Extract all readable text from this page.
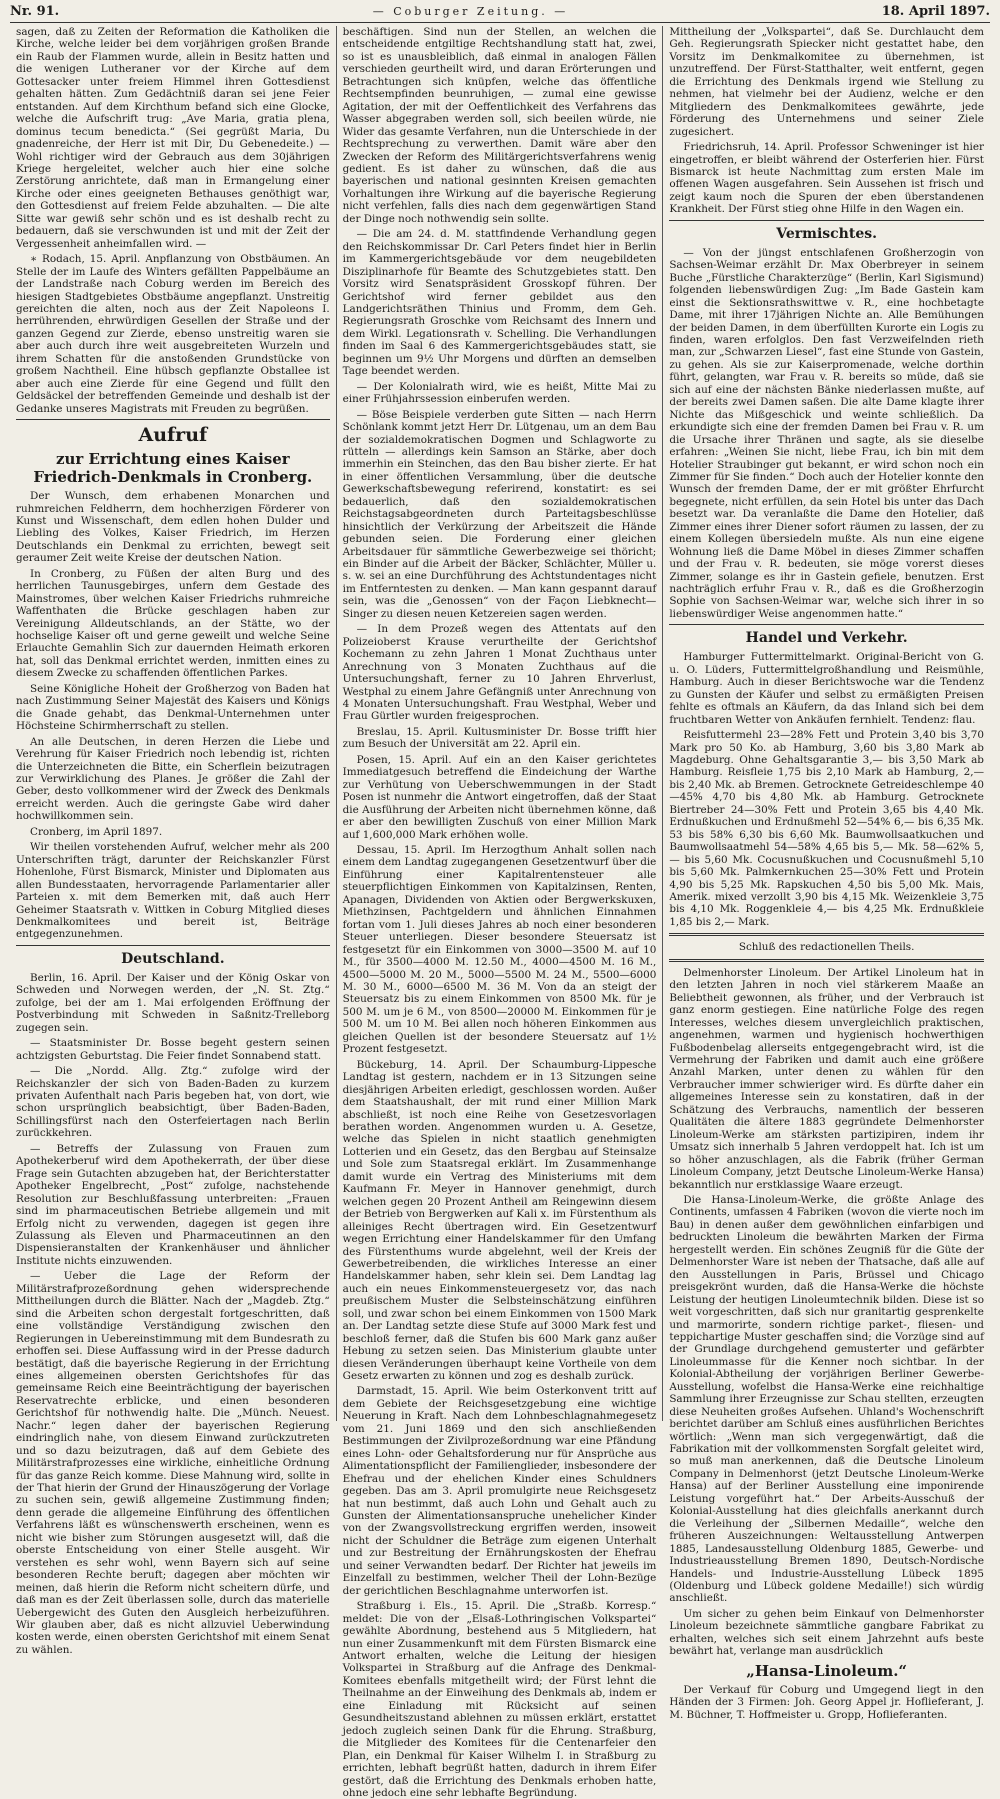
Nr. 91.	— Coburger Zeitung. —	18. April 1897.

sagen, daß zu Zeiten der Reformation die Katholiken die Kirche, welche leider bei dem vorjährigen großen Brande ein Raub der Flammen wurde, allein in Besitz hatten und die wenigen Lutheraner vor der Kirche auf dem Gottesacker unter freiem Himmel ihren Gottesdienst gehalten hätten. Zum Gedächtniß daran sei jene Feier entstanden. Auf dem Kirchthum befand sich eine Glocke, welche die Aufschrift trug: „Ave Maria, gratia plena, dominus tecum benedicta.“ (Sei gegrüßt Maria, Du gnadenreiche, der Herr ist mit Dir, Du Gebenedeite.) — Wohl richtiger wird der Gebrauch aus dem 30jährigen Kriege hergeleitet, welcher auch hier eine solche Zerstörung anrichtete, daß man in Ermangelung einer Kirche oder eines geeigneten Bethauses genöthigt war, den Gottesdienst auf freiem Felde abzuhalten. — Die alte Sitte war gewiß sehr schön und es ist deshalb recht zu bedauern, daß sie verschwunden ist und mit der Zeit der Vergessenheit anheimfallen wird. —

∗ Rodach, 15. April. Anpflanzung von Obstbäumen. An Stelle der im Laufe des Winters gefällten Pappelbäume an der Landstraße nach Coburg werden im Bereich des hiesigen Stadtgebietes Obstbäume angepflanzt. Unstreitig gereichten die alten, noch aus der Zeit Napoleons I. herrührenden, ehrwürdigen Gesellen der Straße und der ganzen Gegend zur Zierde, ebenso unstreitig waren sie aber auch durch ihre weit ausgebreiteten Wurzeln und ihrem Schatten für die anstoßenden Grundstücke von großem Nachtheil. Eine hübsch gepflanzte Obstallee ist aber auch eine Zierde für eine Gegend und füllt den Geldsäckel der betreffenden Gemeinde und deshalb ist der Gedanke unseres Magistrats mit Freuden zu begrüßen.

Aufruf
zur Errichtung eines Kaiser Friedrich-Denkmals in Cronberg.

Der Wunsch, dem erhabenen Monarchen und ruhmreichen Feldherrn, dem hochherzigen Förderer von Kunst und Wissenschaft, dem edlen hohen Dulder und Liebling des Volkes, Kaiser Friedrich, im Herzen Deutschlands ein Denkmal zu errichten, bewegt seit geraumer Zeit weite Kreise der deutschen Nation.

In Cronberg, zu Füßen der alten Burg und des herrlichen Taunusgebirges, unfern dem Gestade des Mainstromes, über welchen Kaiser Friedrichs ruhmreiche Waffenthaten die Brücke geschlagen haben zur Vereinigung Alldeutschlands, an der Stätte, wo der hochselige Kaiser oft und gerne geweilt und welche Seine Erlauchte Gemahlin Sich zur dauernden Heimath erkoren hat, soll das Denkmal errichtet werden, inmitten eines zu diesem Zwecke zu schaffenden öffentlichen Parkes.

Seine Königliche Hoheit der Großherzog von Baden hat nach Zustimmung Seiner Majestät des Kaisers und Königs die Gnade gehabt, das Denkmal-Unternehmen unter Höchsteine Schirmherrschaft zu stellen.

An alle Deutschen, in deren Herzen die Liebe und Verehrung für Kaiser Friedrich noch lebendig ist, richten die Unterzeichneten die Bitte, ein Scherflein beizutragen zur Verwirklichung des Planes. Je größer die Zahl der Geber, desto vollkommener wird der Zweck des Denkmals erreicht werden. Auch die geringste Gabe wird daher hochwillkommen sein.

Cronberg, im April 1897.

Wir theilen vorstehenden Aufruf, welcher mehr als 200 Unterschriften trägt, darunter der Reichskanzler Fürst Hohenlohe, Fürst Bismarck, Minister und Diplomaten aus allen Bundesstaaten, hervorragende Parlamentarier aller Parteien x. mit dem Bemerken mit, daß auch Herr Geheimer Staatsrath v. Wittken in Coburg Mitglied dieses Denkmalkomitees und bereit ist, Beiträge entgegenzunehmen.

Deutschland.

Berlin, 16. April. Der Kaiser und der König Oskar von Schweden und Norwegen werden, der „N. St. Ztg.“ zufolge, bei der am 1. Mai erfolgenden Eröffnung der Postverbindung mit Schweden in Saßnitz-Trelleborg zugegen sein.

— Staatsminister Dr. Bosse begeht gestern seinen achtzigsten Geburtstag. Die Feier findet Sonnabend statt.

— Die „Nordd. Allg. Ztg.“ zufolge wird der Reichskanzler der sich von Baden-Baden zu kurzem privaten Aufenthalt nach Paris begeben hat, von dort, wie schon ursprünglich beabsichtigt, über Baden-Baden, Schillingsfürst nach den Osterfeiertagen nach Berlin zurückkehren.

— Betreffs der Zulassung von Frauen zum Apothekerberuf wird dem Apothekerrath, der über diese Frage sein Gutachten abzugeben hat, der Berichterstatter Apotheker Engelbrecht, „Post“ zufolge, nachstehende Resolution zur Beschlußfassung unterbreiten: „Frauen sind im pharmaceutischen Betriebe allgemein und mit Erfolg nicht zu verwenden, dagegen ist gegen ihre Zulassung als Eleven und Pharmaceutinnen an den Dispensieranstalten der Krankenhäuser und ähnlicher Institute nichts einzuwenden.

— Ueber die Lage der Reform der Militärstrafprozeßordnung gehen widersprechende Mittheilungen durch die Blätter. Nach der „Magdeb. Ztg.“ sind die Arbeiten schon dergestalt fortgeschritten, daß eine vollständige Verständigung zwischen den Regierungen in Uebereinstimmung mit dem Bundesrath zu erhoffen sei. Diese Auffassung wird in der Presse dadurch bestätigt, daß die bayerische Regierung in der Errichtung eines allgemeinen obersten Gerichtshofes für das gemeinsame Reich eine Beeinträchtigung der bayerischen Reservatrechte erblicke, und einen besonderen Gerichtshof für nothwendig halte. Die „Münch. Neuest. Nachr.“ legen daher der bayerischen Regierung eindringlich nahe, von diesem Einwand zurückzutreten und so dazu beizutragen, daß auf dem Gebiete des Militärstrafprozesses eine wirkliche, einheitliche Ordnung für das ganze Reich komme. Diese Mahnung wird, sollte in der That hierin der Grund der Hinauszögerung der Vorlage zu suchen sein, gewiß allgemeine Zustimmung finden; denn gerade die allgemeine Einführung des öffentlichen Verfahrens läßt es wünschenswerth erscheinen, wenn es nicht wie bisher zum Störungen ausgesetzt will, daß die oberste Entscheidung von einer Stelle ausgeht. Wir verstehen es sehr wohl, wenn Bayern sich auf seine besonderen Rechte beruft; dagegen aber möchten wir meinen, daß hierin die Reform nicht scheitern dürfe, und daß man es der Zeit überlassen solle, durch das materielle Uebergewicht des Guten den Ausgleich herbeizuführen. Wir glauben aber, daß es nicht allzuviel Ueberwindung kosten werde, einen obersten Gerichtshof mit einem Senat zu wählen.

beschäftigen. Sind nun der Stellen, an welchen die entscheidende entgiltige Rechtshandlung statt hat, zwei, so ist es unausbleiblich, daß einmal in analogen Fällen verschieden geurtheilt wird, und daran Erörterungen und Betrachtungen sich knüpfen, welche das öffentliche Rechtsempfinden beunruhigen, — zumal eine gewisse Agitation, der mit der Oeffentlichkeit des Verfahrens das Wasser abgegraben werden soll, sich beeilen würde, nie Wider das gesamte Verfahren, nun die Unterschiede in der Rechtsprechung zu verwerthen. Damit wäre aber den Zwecken der Reform des Militärgerichtsverfahrens wenig gedient. Es ist daher zu wünschen, daß die aus bayerischen und national gesinnten Kreisen gemachten Vorhaltungen ihre Wirkung auf die bayerische Regierung nicht verfehlen, falls dies nach dem gegenwärtigen Stand der Dinge noch nothwendig sein sollte.

— Die am 24. d. M. stattfindende Verhandlung gegen den Reichskommissar Dr. Carl Peters findet hier in Berlin im Kammergerichtsgebäude vor dem neugebildeten Disziplinarhofe für Beamte des Schutzgebietes statt. Den Vorsitz wird Senatspräsident Grosskopf führen. Der Gerichtshof wird ferner gebildet aus den Landgerichtsräthen Thinius und Fromm, dem Geh. Regierungsrath Groschke vom Reichsamt des Innern und dem Wirkl. Legationsrath v. Schelling. Die Verhandlungen finden im Saal 6 des Kammergerichtsgebäudes statt, sie beginnen um 9½ Uhr Morgens und dürften an demselben Tage beendet werden.

— Der Kolonialrath wird, wie es heißt, Mitte Mai zu einer Frühjahrssession einberufen werden.

— Böse Beispiele verderben gute Sitten — nach Herrn Schönlank kommt jetzt Herr Dr. Lütgenau, um an dem Bau der sozialdemokratischen Dogmen und Schlagworte zu rütteln — allerdings kein Samson an Stärke, aber doch immerhin ein Steinchen, das den Bau bisher zierte. Er hat in einer öffentlichen Versammlung, über die deutsche Gewerkschaftsbewegung referirend, konstatirt: es sei bedauerlich, daß den sozialdemokratischen Reichstagsabgeordneten durch Parteitagsbeschlüsse hinsichtlich der Verkürzung der Arbeitszeit die Hände gebunden seien. Die Forderung einer gleichen Arbeitsdauer für sämmtliche Gewerbezweige sei thöricht; ein Binder auf die Arbeit der Bäcker, Schlächter, Müller u. s. w. sei an eine Durchführung des Achtstundentages nicht im Entferntesten zu denken. — Man kann gespannt darauf sein, was die „Genossen“ von der Façon Liebknecht—Singer zu diesen neuen Ketzereien sagen werden.

— In dem Prozeß wegen des Attentats auf den Polizeioberst Krause verurtheilte der Gerichtshof Kochemann zu zehn Jahren 1 Monat Zuchthaus unter Anrechnung von 3 Monaten Zuchthaus auf die Untersuchungshaft, ferner zu 10 Jahren Ehrverlust, Westphal zu einem Jahre Gefängniß unter Anrechnung von 4 Monaten Untersuchungshaft. Frau Westphal, Weber und Frau Gürtler wurden freigesprochen.

Breslau, 15. April. Kultusminister Dr. Bosse trifft hier zum Besuch der Universität am 22. April ein.

Posen, 15. April. Auf ein an den Kaiser gerichtetes Immediatgesuch betreffend die Eindeichung der Warthe zur Verhütung von Ueberschwemmungen in der Stadt Posen ist nunmehr die Antwort eingetroffen, daß der Staat die Ausführung der Arbeiten nicht übernehmen könne, daß er aber den bewilligten Zuschuß von einer Million Mark auf 1,600,000 Mark erhöhen wolle.

Dessau, 15. April. Im Herzogthum Anhalt sollen nach einem dem Landtag zugegangenen Gesetzentwurf über die Einführung einer Kapitalrentensteuer alle steuerpflichtigen Einkommen von Kapitalzinsen, Renten, Apanagen, Dividenden von Aktien oder Bergwerkskuxen, Miethzinsen, Pachtgeldern und ähnlichen Einnahmen fortan vom 1. Juli dieses Jahres ab noch einer besonderen Steuer unterliegen. Dieser besondere Steuersatz ist festgesetzt für ein Einkommen von 3000—3500 M. auf 10 M., für 3500—4000 M. 12.50 M., 4000—4500 M. 16 M., 4500—5000 M. 20 M., 5000—5500 M. 24 M., 5500—6000 M. 30 M., 6000—6500 M. 36 M. Von da an steigt der Steuersatz bis zu einem Einkommen von 8500 Mk. für je 500 M. um je 6 M., von 8500—20000 M. Einkommen für je 500 M. um 10 M. Bei allen noch höheren Einkommen aus gleichen Quellen ist der besondere Steuersatz auf 1½ Prozent festgesetzt.

Bückeburg, 14. April. Der Schaumburg-Lippesche Landtag ist gestern, nachdem er in 13 Sitzungen seine diesjährigen Arbeiten erledigt, geschlossen worden. Außer dem Staatshaushalt, der mit rund einer Million Mark abschließt, ist noch eine Reihe von Gesetzesvorlagen berathen worden. Angenommen wurden u. A. Gesetze, welche das Spielen in nicht staatlich genehmigten Lotterien und ein Gesetz, das den Bergbau auf Steinsalze und Sole zum Staatsregal erklärt. Im Zusammenhange damit wurde ein Vertrag des Ministeriums mit dem Kaufmann Fr. Meyer in Hannover genehmigt, durch welchen gegen 20 Prozent Antheil am Reingewinn diesem der Betrieb von Bergwerken auf Kali x. im Fürstenthum als alleiniges Recht übertragen wird. Ein Gesetzentwurf wegen Errichtung einer Handelskammer für den Umfang des Fürstenthums wurde abgelehnt, weil der Kreis der Gewerbetreibenden, die wirkliches Interesse an einer Handelskammer haben, sehr klein sei. Dem Landtag lag auch ein neues Einkommensteuergesetz vor, das nach preußischem Muster die Selbsteinschätzung einführen soll, und zwar schon bei einem Einkommen von 1500 Mark an. Der Landtag setzte diese Stufe auf 3000 Mark fest und beschloß ferner, daß die Stufen bis 600 Mark ganz außer Hebung zu setzen seien. Das Ministerium glaubte unter diesen Veränderungen überhaupt keine Vortheile von dem Gesetz erwarten zu können und zog es deshalb zurück.

Darmstadt, 15. April. Wie beim Osterkonvent tritt auf dem Gebiete der Reichsgesetzgebung eine wichtige Neuerung in Kraft. Nach dem Lohnbeschlagnahmegesetz vom 21. Juni 1869 und den sich anschließenden Bestimmungen der Zivilprozeßordnung war eine Pfändung eines Lohn- oder Gehaltsforderung nur für Ansprüche aus Alimentationspflicht der Familienglieder, insbesondere der Ehefrau und der ehelichen Kinder eines Schuldners gegeben. Das am 3. April promulgirte neue Reichsgesetz hat nun bestimmt, daß auch Lohn und Gehalt auch zu Gunsten der Alimentationsanspruche unehelicher Kinder von der Zwangsvollstreckung ergriffen werden, insoweit nicht der Schuldner die Beträge zum eigenen Unterhalt und zur Bestreitung der Ernährungskosten der Ehefrau und seiner Verwandten bedarf. Der Richter hat jeweils im Einzelfall zu bestimmen, welcher Theil der Lohn-Bezüge der gerichtlichen Beschlagnahme unterworfen ist.

Straßburg i. Els., 15. April. Die „Straßb. Korresp.“ meldet: Die von der „Elsaß-Lothringischen Volkspartei“ gewählte Abordnung, bestehend aus 5 Mitgliedern, hat nun einer Zusammenkunft mit dem Fürsten Bismarck eine Antwort erhalten, welche die Leitung der hiesigen Volkspartei in Straßburg auf die Anfrage des Denkmal-Komitees ebenfalls mitgetheilt wird; der Fürst lehnt die Theilnahme an der Einweihung des Denkmals ab, indem er eine Einladung mit Rücksicht auf seinen Gesundheitszustand ablehnen zu müssen erklärt, erstattet jedoch zugleich seinen Dank für die Ehrung. Straßburg, die Mitglieder des Komitees für die Centenarfeier den Plan, ein Denkmal für Kaiser Wilhelm I. in Straßburg zu errichten, lebhaft begrüßt hatten, dadurch in ihrem Eifer gestört, daß die Errichtung des Denkmals erhoben hatte, ohne jedoch eine sehr lebhafte Begründung.

Mittheilung der „Volkspartei“, daß Se. Durchlaucht dem Geh. Regierungsrath Spiecker nicht gestattet habe, den Vorsitz im Denkmalkomitee zu übernehmen, ist unzutreffend. Der Fürst-Statthalter, weit entfernt, gegen die Errichtung des Denkmals irgend wie Stellung zu nehmen, hat vielmehr bei der Audienz, welche er den Mitgliedern des Denkmalkomitees gewährte, jede Förderung des Unternehmens und seiner Ziele zugesichert.

Friedrichsruh, 14. April. Professor Schweninger ist hier eingetroffen, er bleibt während der Osterferien hier. Fürst Bismarck ist heute Nachmittag zum ersten Male im offenen Wagen ausgefahren. Sein Aussehen ist frisch und zeigt kaum noch die Spuren der eben überstandenen Krankheit. Der Fürst stieg ohne Hilfe in den Wagen ein.

Vermischtes.

— Von der jüngst entschlafenen Großherzogin von Sachsen-Weimar erzählt Dr. Max Oberbreyer in seinem Buche „Fürstliche Charakterzüge“ (Berlin, Karl Sigismund) folgenden liebenswürdigen Zug: „Im Bade Gastein kam einst die Sektionsrathswittwe v. R., eine hochbetagte Dame, mit ihrer 17jährigen Nichte an. Alle Bemühungen der beiden Damen, in dem überfüllten Kurorte ein Logis zu finden, waren erfolglos. Den fast Verzweifelnden rieth man, zur „Schwarzen Liesel“, fast eine Stunde von Gastein, zu gehen. Als sie zur Kaiserpromenade, welche dorthin führt, gelangten, war Frau v. R. bereits so müde, daß sie sich auf eine der nächsten Bänke niederlassen mußte, auf der bereits zwei Damen saßen. Die alte Dame klagte ihrer Nichte das Mißgeschick und weinte schließlich. Da erkundigte sich eine der fremden Damen bei Frau v. R. um die Ursache ihrer Thränen und sagte, als sie dieselbe erfahren: „Weinen Sie nicht, liebe Frau, ich bin mit dem Hotelier Straubinger gut bekannt, er wird schon noch ein Zimmer für Sie finden.“ Doch auch der Hotelier konnte den Wunsch der fremden Dame, der er mit größter Ehrfurcht begegnete, nicht erfüllen, da sein Hotel bis unter das Dach besetzt war. Da veranlaßte die Dame den Hotelier, daß Zimmer eines ihrer Diener sofort räumen zu lassen, der zu einem Kollegen übersiedeln mußte. Als nun eine eigene Wohnung ließ die Dame Möbel in dieses Zimmer schaffen und der Frau v. R. bedeuten, sie möge vorerst dieses Zimmer, solange es ihr in Gastein gefiele, benutzen. Erst nachträglich erfuhr Frau v. R., daß es die Großherzogin Sophie von Sachsen-Weimar war, welche sich ihrer in so liebenswürdiger Weise angenommen hatte.“

Handel und Verkehr.

Hamburger Futtermittelmarkt. Original-Bericht von G. u. O. Lüders, Futtermittelgroßhandlung und Reismühle, Hamburg. Auch in dieser Berichtswoche war die Tendenz zu Gunsten der Käufer und selbst zu ermäßigten Preisen fehlte es oftmals an Käufern, da das Inland sich bei dem fruchtbaren Wetter von Ankäufen fernhielt. Tendenz: flau.

Reisfuttermehl 23—28% Fett und Protein 3,40 bis 3,70 Mark pro 50 Ko. ab Hamburg, 3,60 bis 3,80 Mark ab Magdeburg. Ohne Gehaltsgarantie 3,— bis 3,50 Mark ab Hamburg. Reisfleie 1,75 bis 2,10 Mark ab Hamburg, 2,— bis 2,40 Mk. ab Bremen. Getrocknete Getreideschlempe 40—45% 4,70 bis 4,80 Mk. ab Hamburg. Getrocknete Biertreber 24—30% Fett und Protein 3,65 bis 4,40 Mk. Erdnußkuchen und Erdnußmehl 52—54% 6,— bis 6,35 Mk. 53 bis 58% 6,30 bis 6,60 Mk. Baumwollsaatkuchen und Baumwollsaatmehl 54—58% 4,65 bis 5,— Mk. 58—62% 5,— bis 5,60 Mk. Cocusnußkuchen und Cocusnußmehl 5,10 bis 5,60 Mk. Palmkernkuchen 25—30% Fett und Protein 4,90 bis 5,25 Mk. Rapskuchen 4,50 bis 5,00 Mk. Mais, Amerik. mixed verzollt 3,90 bis 4,15 Mk. Weizenkleie 3,75 bis 4,10 Mk. Roggenkleie 4,— bis 4,25 Mk. Erdnußkleie 1,85 bis 2,— Mark.

Schluß des redactionellen Theils.

Delmenhorster Linoleum. Der Artikel Linoleum hat in den letzten Jahren in noch viel stärkerem Maaße an Beliebtheit gewonnen, als früher, und der Verbrauch ist ganz enorm gestiegen. Eine natürliche Folge des regen Interesses, welches diesem unvergleichlich praktischen, angenehmen, warmen und hygienisch hochwerthigen Fußbodenbelag allerseits entgegengebracht wird, ist die Vermehrung der Fabriken und damit auch eine größere Anzahl Marken, unter denen zu wählen für den Verbraucher immer schwieriger wird. Es dürfte daher ein allgemeines Interesse sein zu konstatiren, daß in der Schätzung des Verbrauchs, namentlich der besseren Qualitäten die ältere 1883 gegründete Delmenhorster Linoleum-Werke am stärksten partizipiren, indem ihr Umsatz sich innerhalb 5 Jahren verdoppelt hat. Ich ist um so höher anzuschlagen, als die Fabrik (früher German Linoleum Company, jetzt Deutsche Linoleum-Werke Hansa) bekanntlich nur erstklassige Waare erzeugt.

Die Hansa-Linoleum-Werke, die größte Anlage des Continents, umfassen 4 Fabriken (wovon die vierte noch im Bau) in denen außer dem gewöhnlichen einfarbigen und bedruckten Linoleum die bewährten Marken der Firma hergestellt werden. Ein schönes Zeugniß für die Güte der Delmenhorster Ware ist neben der Thatsache, daß alle auf den Ausstellungen in Paris, Brüssel und Chicago preisgekrönt wurden, daß die Hansa-Werke die höchste Leistung der heutigen Linoleumtechnik bilden. Diese ist so weit vorgeschritten, daß sich nur granitartig gesprenkelte und marmorirte, sondern richtige parket-, fliesen- und teppichartige Muster geschaffen sind; die Vorzüge sind auf der Grundlage durchgehend gemusterter und gefärbter Linoleummasse für die Kenner noch sichtbar. In der Kolonial-Abtheilung der vorjährigen Berliner Gewerbe-Ausstellung, wofelbst die Hansa-Werke eine reichhaltige Sammlung ihrer Erzeugnisse zur Schau stellten, erzeugten diese Neuheiten großes Aufsehen. Uhland's Wochenschrift berichtet darüber am Schluß eines ausführlichen Berichtes wörtlich: „Wenn man sich vergegenwärtigt, daß die Fabrikation mit der vollkommensten Sorgfalt geleitet wird, so muß man anerkennen, daß die Deutsche Linoleum Company in Delmenhorst (jetzt Deutsche Linoleum-Werke Hansa) auf der Berliner Ausstellung eine imponirende Leistung vorgeführt hat.“ Der Arbeits-Ausschuß der Kolonial-Ausstellung hat dies gleichfalls anerkannt durch die Verleihung der „Silbernen Medaille“, welche den früheren Auszeichnungen: Weltausstellung Antwerpen 1885, Landesausstellung Oldenburg 1885, Gewerbe- und Industrieausstellung Bremen 1890, Deutsch-Nordische Handels- und Industrie-Ausstellung Lübeck 1895 (Oldenburg und Lübeck goldene Medaille!) sich würdig anschließt.

Um sicher zu gehen beim Einkauf von Delmenhorster Linoleum bezeichnete sämmtliche gangbare Fabrikat zu erhalten, welches sich seit einem Jahrzehnt aufs beste bewährt hat, verlange man ausdrücklich

„Hansa-Linoleum.“

Der Verkauf für Coburg und Umgegend liegt in den Händen der 3 Firmen: Joh. Georg Appel jr. Hoflieferant, J. M. Büchner, T. Hoffmeister u. Gropp, Hoflieferanten.
